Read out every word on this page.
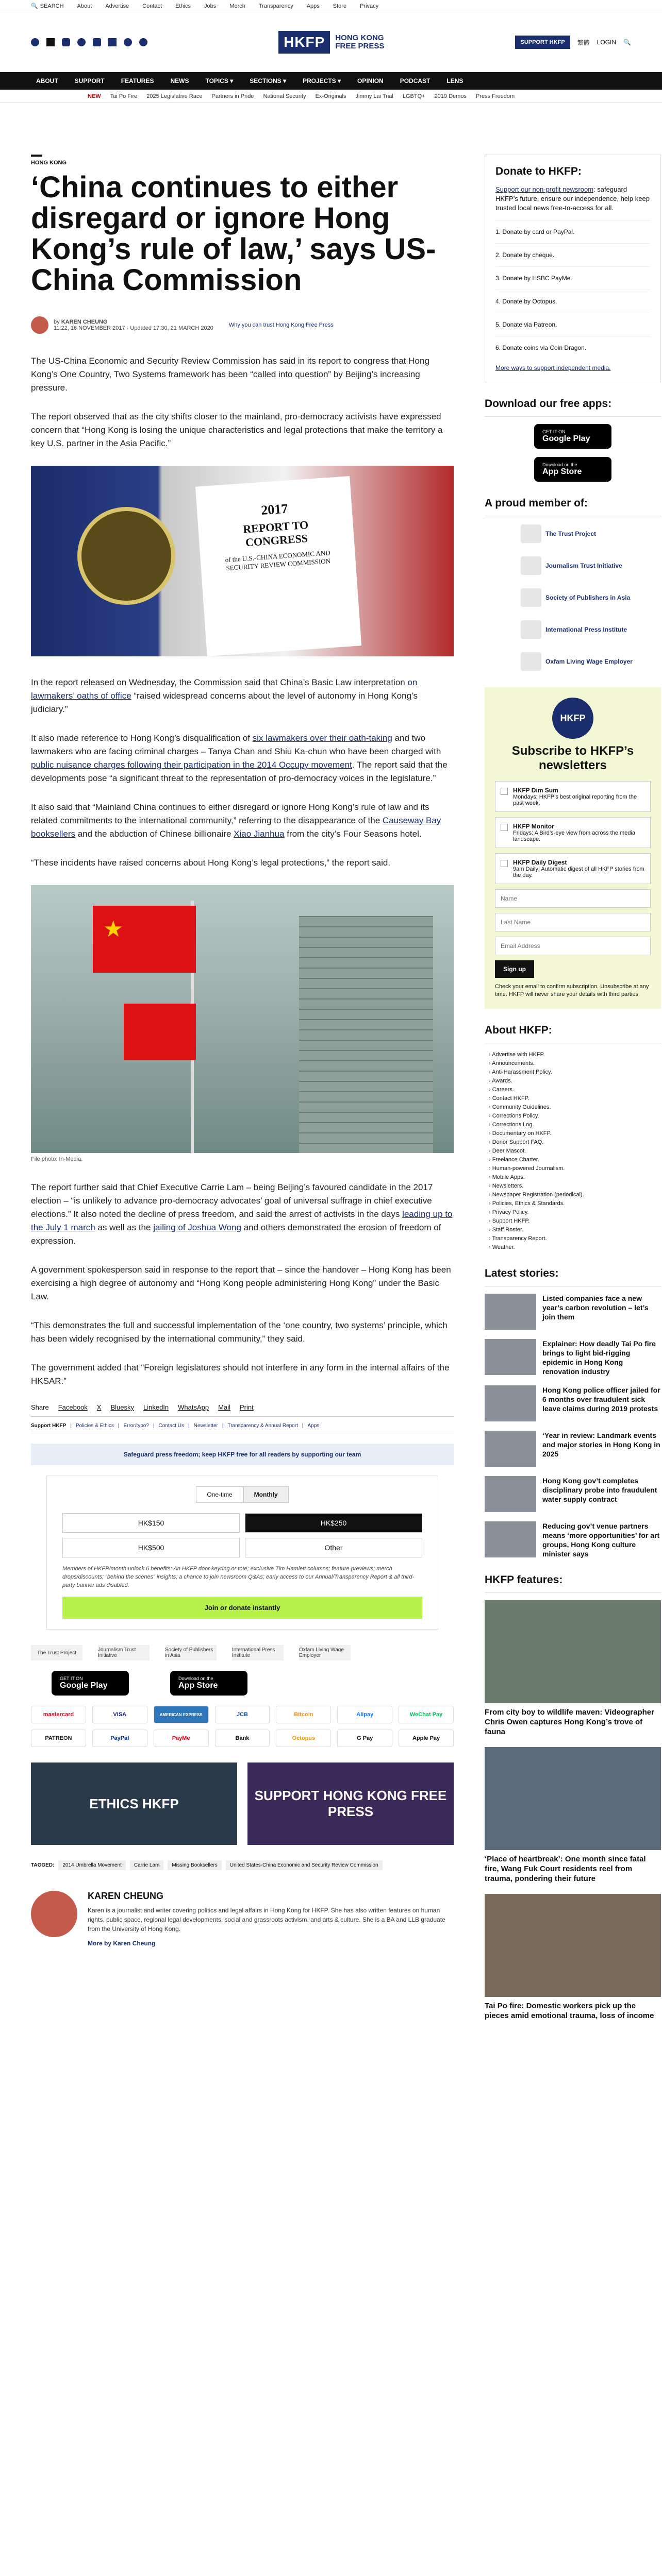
🔍 SEARCH About Advertise Contact Ethics Jobs Merch Transparency Apps Store Privacy
HKFP	HONG KONG
FREE PRESS	SUPPORT HKFP	繁體 LOGIN 🔍
ABOUT	SUPPORT	FEATURES	NEWS	TOPICS ▾	SECTIONS ▾	PROJECTS ▾	OPINION	PODCAST	LENS
NEW Tai Po Fire 2025 Legislative Race Partners in Pride National Security Ex-Originals Jimmy Lai Trial LGBTQ+ 2019 Demos Press Freedom
HONG KONG
‘China continues to either disregard or ignore Hong Kong’s rule of law,’ says US-China Commission
by KAREN CHEUNG
11:22, 16 NOVEMBER 2017 · Updated 17:30, 21 MARCH 2020	Why you can trust Hong Kong Free Press

The US-China Economic and Security Review Commission has said in its report to congress that Hong Kong’s One Country, Two Systems framework has been “called into question” by Beijing’s increasing pressure.

The report observed that as the city shifts closer to the mainland, pro-democracy activists have expressed concern that “Hong Kong is losing the unique characteristics and legal protections that make the territory a key U.S. partner in the Asia Pacific.”

2017
REPORT TO CONGRESS
of the U.S.-CHINA ECONOMIC AND SECURITY REVIEW COMMISSION

In the report released on Wednesday, the Commission said that China’s Basic Law interpretation on lawmakers’ oaths of office “raised widespread concerns about the level of autonomy in Hong Kong’s judiciary.”

It also made reference to Hong Kong’s disqualification of six lawmakers over their oath-taking and two lawmakers who are facing criminal charges – Tanya Chan and Shiu Ka-chun who have been charged with public nuisance charges following their participation in the 2014 Occupy movement. The report said that the developments pose “a significant threat to the representation of pro-democracy voices in the legislature.”

It also said that “Mainland China continues to either disregard or ignore Hong Kong’s rule of law and its related commitments to the international community,” referring to the disappearance of the Causeway Bay booksellers and the abduction of Chinese billionaire Xiao Jianhua from the city’s Four Seasons hotel.

“These incidents have raised concerns about Hong Kong’s legal protections,” the report said.

★
File photo: In-Media.

The report further said that Chief Executive Carrie Lam – being Beijing’s favoured candidate in the 2017 election – “is unlikely to advance pro-democracy advocates’ goal of universal suffrage in chief executive elections.” It also noted the decline of press freedom, and said the arrest of activists in the days leading up to the July 1 march as well as the jailing of Joshua Wong and others demonstrated the erosion of freedom of expression.

A government spokesperson said in response to the report that – since the handover – Hong Kong has been exercising a high degree of autonomy and “Hong Kong people administering Hong Kong” under the Basic Law.

“This demonstrates the full and successful implementation of the ‘one country, two systems’ principle, which has been widely recognised by the international community,” they said.

The government added that “Foreign legislatures should not interfere in any form in the internal affairs of the HKSAR.”

Share Facebook X Bluesky LinkedIn WhatsApp Mail Print
Support HKFP | Policies & Ethics | Error/typo? | Contact Us | Newsletter | Transparency & Annual Report | Apps
Safeguard press freedom; keep HKFP free for all readers by supporting our team
One-time	Monthly
HK$150	HK$250
HK$500	Other
Members of HKFP/month unlock 6 benefits: An HKFP door keyring or tote; exclusive Tim Hamlett columns; feature previews; merch drops/discounts; “behind the scenes” insights; a chance to join newsroom Q&As; early access to our Annual/Transparency Report & all third-party banner ads disabled.
Join or donate instantly
The Trust Project	Journalism Trust Initiative
Society of Publishers in Asia
International Press Institute
Oxfam Living Wage Employer
GET IT ON
Google Play
Download on the
App Store
mastercard	VISA	AMERICAN EXPRESS	JCB	Bitcoin	Alipay	WeChat Pay
PATREON	PayPal	PayMe	Bank	Octopus	G Pay	Apple Pay
ETHICS HKFP
SUPPORT HONG KONG FREE PRESS
TAGGED:	2014 Umbrella Movement	Carrie Lam	Missing Booksellers	United States-China Economic and Security Review Commission
KAREN CHEUNG

Karen is a journalist and writer covering politics and legal affairs in Hong Kong for HKFP. She has also written features on human rights, public space, regional legal developments, social and grassroots activism, and arts & culture. She is a BA and LLB graduate from the University of Hong Kong.

More by Karen Cheung
Donate to HKFP:

Support our non-profit newsroom: safeguard HKFP’s future, ensure our independence, help keep trusted local news free-to-access for all.

1. Donate by card or PayPal.
2. Donate by cheque.
3. Donate by HSBC PayMe.
4. Donate by Octopus.
5. Donate via Patreon.
6. Donate coins via Coin Dragon.
More ways to support independent media.
Download our free apps:
GET IT ON
Google Play
Download on the
App Store
A proud member of:
The Trust Project
Journalism Trust Initiative
Society of Publishers in Asia
International Press Institute
Oxfam Living Wage Employer
HKFP
Subscribe to HKFP’s newsletters
HKFP Dim Sum
Mondays: HKFP’s best original reporting from the past week.
HKFP Monitor
Fridays: A Bird’s-eye view from across the media landscape.
HKFP Daily Digest
9am Daily: Automatic digest of all HKFP stories from the day.
Name Last Name Email Address
Sign up
Check your email to confirm subscription. Unsubscribe at any time. HKFP will never share your details with third parties.
About HKFP:
› Advertise with HKFP.
› Announcements.
› Anti-Harassment Policy.
› Awards.
› Careers.
› Contact HKFP.
› Community Guidelines.
› Corrections Policy.
› Corrections Log.
› Documentary on HKFP.
› Donor Support FAQ.
› Deer Mascot.
› Freelance Charter.
› Human-powered Journalism.
› Mobile Apps.
› Newsletters.
› Newspaper Registration (periodical).
› Policies, Ethics & Standards.
› Privacy Policy.
› Support HKFP.
› Staff Roster.
› Transparency Report.
› Weather.
Latest stories:
Listed companies face a new year’s carbon revolution – let’s join them
Explainer: How deadly Tai Po fire brings to light bid-rigging epidemic in Hong Kong renovation industry
Hong Kong police officer jailed for 6 months over fraudulent sick leave claims during 2019 protests
‘Year in review: Landmark events and major stories in Hong Kong in 2025
Hong Kong gov’t completes disciplinary probe into fraudulent water supply contract
Reducing gov’t venue partners means ‘more opportunities’ for art groups, Hong Kong culture minister says
HKFP features:
From city boy to wildlife maven: Videographer Chris Owen captures Hong Kong’s trove of fauna
‘Place of heartbreak’: One month since fatal fire, Wang Fuk Court residents reel from trauma, pondering their future
Tai Po fire: Domestic workers pick up the pieces amid emotional trauma, loss of income
